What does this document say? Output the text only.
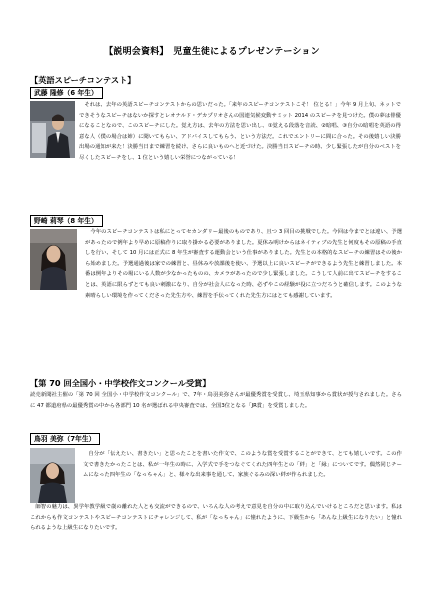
【説明会資料】　児童生徒によるプレゼンテーション
【英語スピーチコンテスト】
武藤 隆修（6 年生）

　それは、去年の英語スピーチコンテストからの思いだった。「来年のスピーチコンテストこそ！ 位とる！」今年 9 月上旬、ネットでできそうなスピーチはないか探すとレオナルド・デカプリオさんの国連気候変動サミット 2014 のスピーチを見つけた。僕の夢は俳優になることなので、このスピーチにした。覚え方は、去年の方法を思い出し、①覚える段落を音読、②暗唱、③自分の暗唱を英語の得意な人（僕の場合は姉）に聞いてもらい、アドバイスしてもらう、という方法だ。これでエントリーに間に合った。その後嬉しい決勝出場の通知が来た！決勝当日まで練習を続け、さらに良いものへと近づけた。決勝当日スピーチの時、少し緊張したが自分のベストを尽くしたスピーチをし、1 位という嬉しい栄誉につながっている！

野崎 莉琴（8 年生）

　今年のスピーチコンテストは私にとってセカンダリー最後のものであり、且つ 3 回目の挑戦でした。今回は今までとは違い、予選があったので例年より早めに原稿作りに取り掛かる必要がありました。夏休み明けからはネイティブの先生と何度もその原稿の手直しを行い、そして 10 月には正式に 8 年生が審査する運動会という仕事がありました。先生との本格的なスピーチの練習はその後から始めました。予選通過後は家での練習と、昼休みや放課後を使い、予選以上に良いスピーチができるよう先生と練習しました。本番は例年よりその場にいる人数が少なかったものの、カメラがあったので少し緊張しました。こうして人前に出てスピーチをすることは、英語に限らずとても良い刺激になり、自分が社会人になった時、必ずやこの経験が役に立つだろうと確信します。このような素晴らしい環境を作ってくださった先生方や、練習を手伝ってくれた先生方にはとても感謝しています。

【第 70 回全国小・中学校作文コンクール受賞】

読売新聞社主催の「第 70 回 全国小・中学校作文コンクール」で、7年・鳥羽美弥さんが最優秀賞を受賞し、埼玉県知事から賞状が授与されました。さらに 47 都道府県の最優秀賞の中から各部門 10 名が選ばれる中央審査では、全国3位となる「JR賞」を受賞しました。

鳥羽 美弥（7年生）

　自分が「伝えたい、書きたい」と思ったことを書いた作文で、このような賞を受賞することができて、とても嬉しいです。この作文で書きたかったことは、私が一年生の時に、入学式で手をつなぐてくれた四年生との「絆」と「縁」についてです。偶然同じチームになった四年生の「なっちゃん」と、様々な出来事を通して、家族ぐるみの深い絆が作られました。

　師智の魅力は、異学年教学級で歳の離れた人とも交流ができるので、いろんな人の考えで意見を自分の中に取り込んでいけるところだと思います。私はこれからも作文コンテストやスピーチコンテストにチャレンジして、私が「なっちゃん」に憧れたように、下級生から「あんな上級生になりたい」と憧れられるような上級生になりたいです。
